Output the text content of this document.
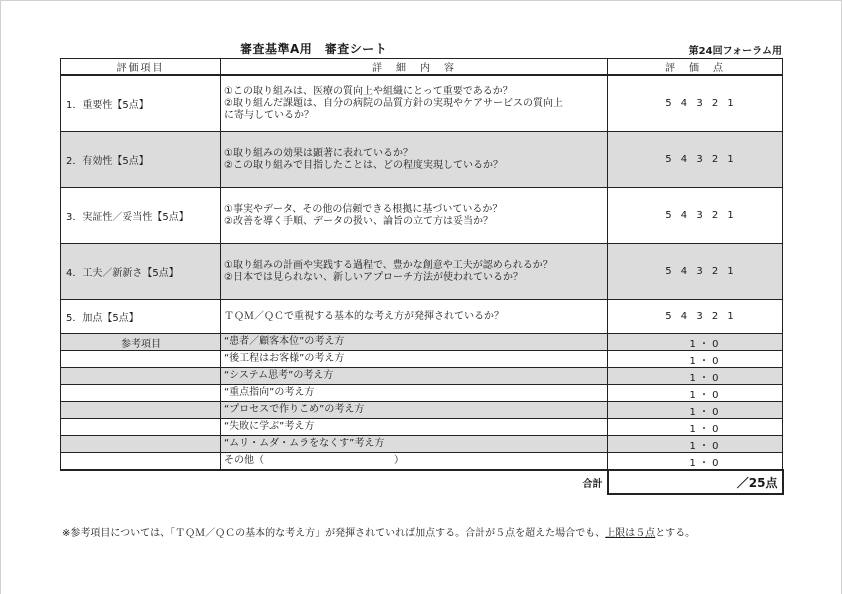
審査基準A用　審査シート	第24回フォーラム用
評価項目	詳　細　内　容	評　価　点
1．重要性【5点】	①この取り組みは、医療の質向上や組織にとって重要であるか？
②取り組んだ課題は、自分の病院の品質方針の実現やケアサービスの質向上
に寄与しているか？	5 4 3 2 1
2．有効性【5点】	①取り組みの効果は顕著に表れているか？
②この取り組みで目指したことは、どの程度実現しているか？	5 4 3 2 1
3．実証性／妥当性【5点】	①事実やデータ、その他の信頼できる根拠に基づいているか？
②改善を導く手順、データの扱い、論旨の立て方は妥当か？	5 4 3 2 1
4．工夫／新新さ【5点】	①取り組みの計画や実践する過程で、豊かな創意や工夫が認められるか？
②日本では見られない、新しいアプローチ方法が使われているか？	5 4 3 2 1
5．加点【5点】	ＴＱＭ／ＱＣで重視する基本的な考え方が発揮されているか？	5 4 3 2 1
参考項目	“患者／顧客本位”の考え方	1 ・ 0
	“後工程はお客様”の考え方	1 ・ 0
	“システム思考”の考え方	1 ・ 0
	“重点指向”の考え方	1 ・ 0
	“プロセスで作りこめ”の考え方	1 ・ 0
	“失敗に学ぶ”考え方	1 ・ 0
	“ムリ・ムダ・ムラをなくす”考え方	1 ・ 0
	その他（　　　　　　　　　　　　　）	1 ・ 0
	合計	／25点
※参考項目については、「ＴＱＭ／ＱＣの基本的な考え方」が発揮されていれば加点する。合計が５点を超えた場合でも、上限は５点とする。
